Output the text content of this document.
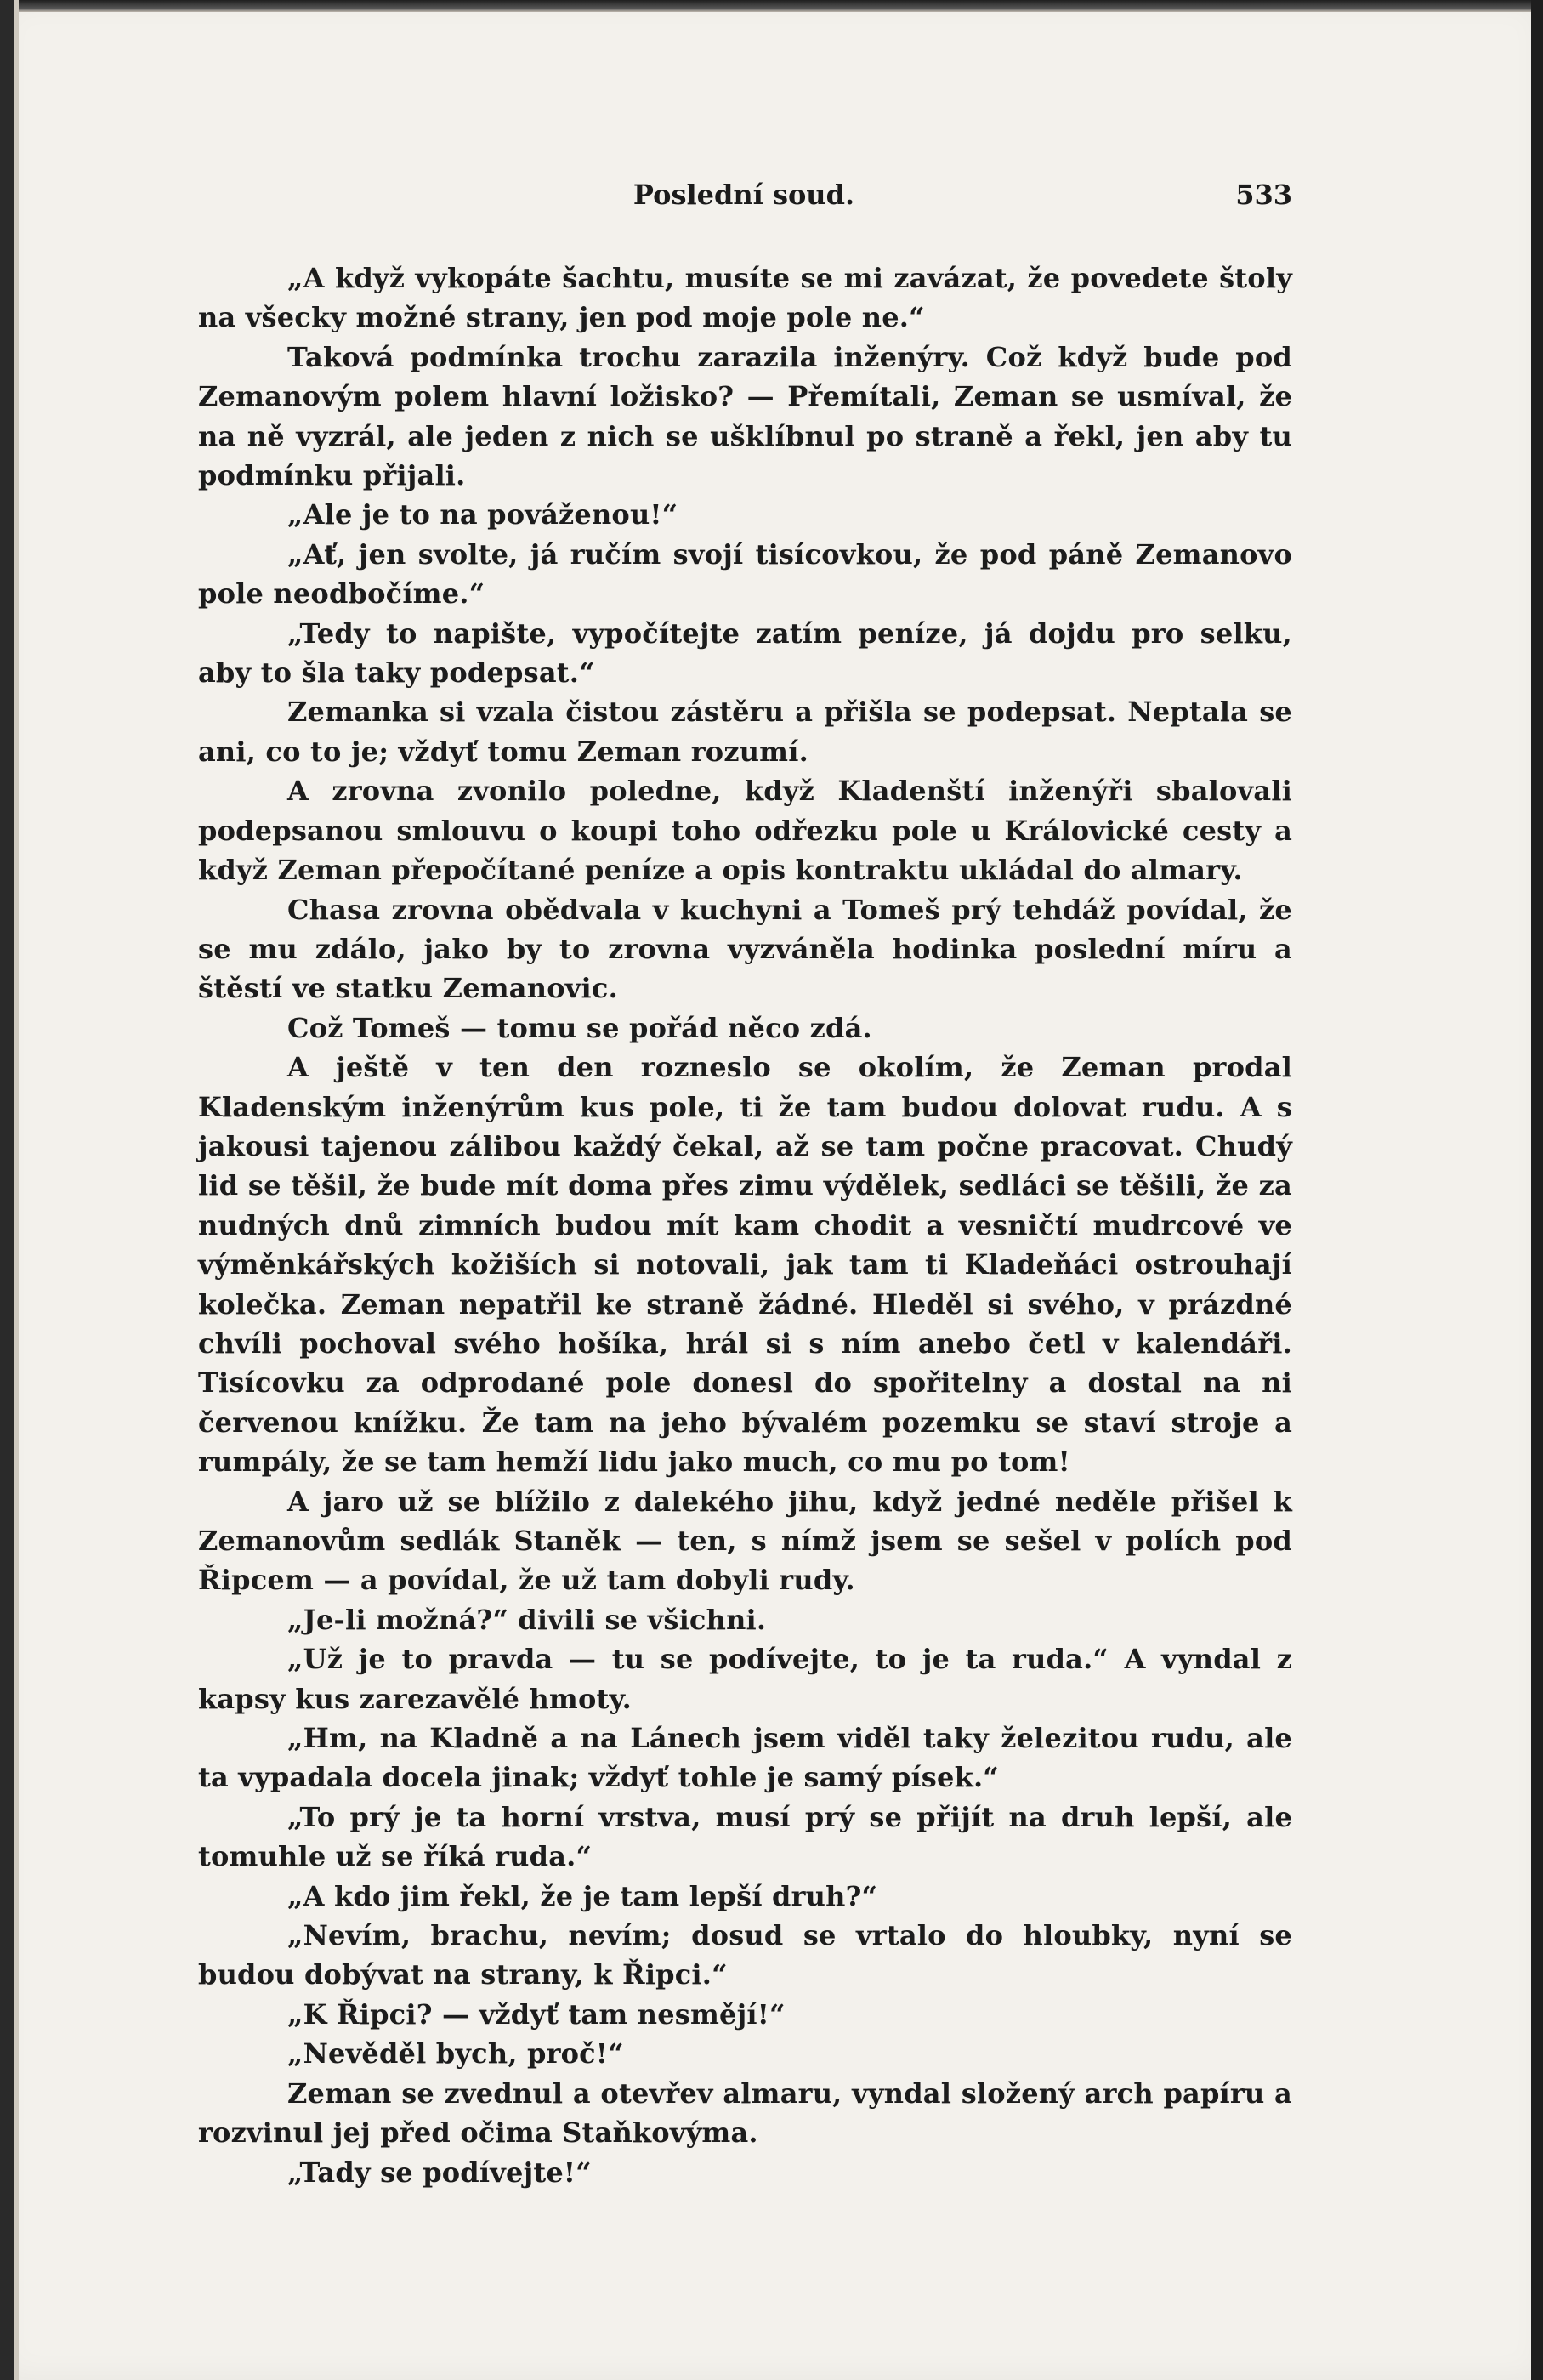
Poslední soud.	533

„A když vykopáte šachtu, musíte se mi zavázat, že povedete štoly na všecky možné strany, jen pod moje pole ne.“

Taková podmínka trochu zarazila inženýry. Což když bude pod Zemanovým polem hlavní ložisko? — Přemítali, Zeman se usmíval, že na ně vyzrál, ale jeden z nich se ušklíbnul po straně a řekl, jen aby tu podmínku přijali.

„Ale je to na pováženou!“

„Ať, jen svolte, já ručím svojí tisícovkou, že pod páně Zemanovo pole neodbočíme.“

„Tedy to napište, vypočítejte zatím peníze, já dojdu pro selku, aby to šla taky podepsat.“

Zemanka si vzala čistou zástěru a přišla se podepsat. Neptala se ani, co to je; vždyť tomu Zeman rozumí.

A zrovna zvonilo poledne, když Kladenští inženýři sbalovali podepsanou smlouvu o koupi toho odřezku pole u Královické cesty a když Zeman přepočítané peníze a opis kontraktu ukládal do almary.

Chasa zrovna obědvala v kuchyni a Tomeš prý tehdáž povídal, že se mu zdálo, jako by to zrovna vyzváněla hodinka poslední míru a štěstí ve statku Zemanovic.

Což Tomeš — tomu se pořád něco zdá.

A ještě v ten den rozneslo se okolím, že Zeman prodal Kladenským inženýrům kus pole, ti že tam budou dolovat rudu. A s jakousi tajenou zálibou každý čekal, až se tam počne pracovat. Chudý lid se těšil, že bude mít doma přes zimu výdělek, sedláci se těšili, že za nudných dnů zimních budou mít kam chodit a vesničtí mudrcové ve výměnkářských kožiších si notovali, jak tam ti Kladeňáci ostrouhají kolečka. Zeman nepatřil ke straně žádné. Hleděl si svého, v prázdné chvíli pochoval svého hošíka, hrál si s ním anebo četl v kalendáři. Tisícovku za odprodané pole donesl do spořitelny a dostal na ni červenou knížku. Že tam na jeho bývalém pozemku se staví stroje a rumpály, že se tam hemží lidu jako much, co mu po tom!

A jaro už se blížilo z dalekého jihu, když jedné neděle přišel k Zemanovům sedlák Staněk — ten, s nímž jsem se sešel v polích pod Řipcem — a povídal, že už tam dobyli rudy.

„Je-li možná?“ divili se všichni.

„Už je to pravda — tu se podívejte, to je ta ruda.“ A vyndal z kapsy kus zarezavělé hmoty.

„Hm, na Kladně a na Lánech jsem viděl taky železitou rudu, ale ta vypadala docela jinak; vždyť tohle je samý písek.“

„To prý je ta horní vrstva, musí prý se přijít na druh lepší, ale tomuhle už se říká ruda.“

„A kdo jim řekl, že je tam lepší druh?“

„Nevím, brachu, nevím; dosud se vrtalo do hloubky, nyní se budou dobývat na strany, k Řipci.“

„K Řipci? — vždyť tam nesmějí!“

„Nevěděl bych, proč!“

Zeman se zvednul a otevřev almaru, vyndal složený arch papíru a rozvinul jej před očima Staňkovýma.

„Tady se podívejte!“
